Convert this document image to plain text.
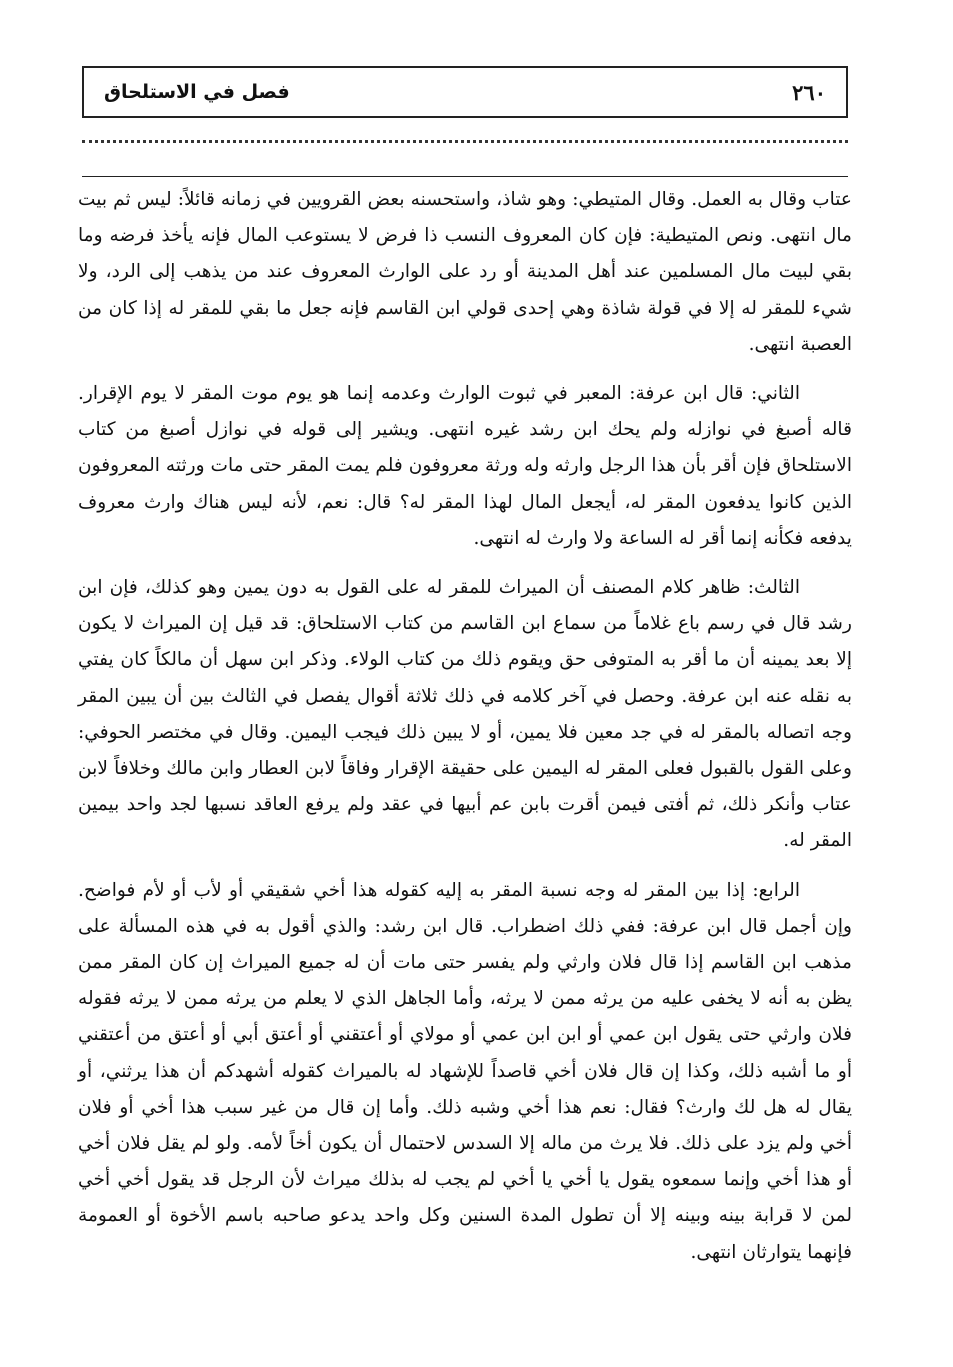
٢٦٠
فصل في الاستلحاق

عتاب وقال به العمل. وقال المتيطي: وهو شاذ، واستحسنه بعض القرويين في زمانه قائلاً: ليس ثم بيت مال انتهى. ونص المتيطية: فإن كان المعروف النسب ذا فرض لا يستوعب المال فإنه يأخذ فرضه وما بقي لبيت مال المسلمين عند أهل المدينة أو رد على الوارث المعروف عند من يذهب إلى الرد، ولا شيء للمقر له إلا في قولة شاذة وهي إحدى قولي ابن القاسم فإنه جعل ما بقي للمقر له إذا كان من العصبة انتهى.

الثاني: قال ابن عرفة: المعبر في ثبوت الوارث وعدمه إنما هو يوم موت المقر لا يوم الإقرار. قاله أصبغ في نوازله ولم يحك ابن رشد غيره انتهى. ويشير إلى قوله في نوازل أصبغ من كتاب الاستلحاق فإن أقر بأن هذا الرجل وارثه وله ورثة معروفون فلم يمت المقر حتى مات ورثته المعروفون الذين كانوا يدفعون المقر له، أيجعل المال لهذا المقر له؟ قال: نعم، لأنه ليس هناك وارث معروف يدفعه فكأنه إنما أقر له الساعة ولا وارث له انتهى.

الثالث: ظاهر كلام المصنف أن الميراث للمقر له على القول به دون يمين وهو كذلك، فإن ابن رشد قال في رسم باع غلاماً من سماع ابن القاسم من كتاب الاستلحاق: قد قيل إن الميراث لا يكون إلا بعد يمينه أن ما أقر به المتوفى حق ويقوم ذلك من كتاب الولاء. وذكر ابن سهل أن مالكاً كان يفتي به نقله عنه ابن عرفة. وحصل في آخر كلامه في ذلك ثلاثة أقوال يفصل في الثالث بين أن يبين المقر وجه اتصاله بالمقر له في جد معين فلا يمين، أو لا يبين ذلك فيجب اليمين. وقال في مختصر الحوفي: وعلى القول بالقبول فعلى المقر له اليمين على حقيقة الإقرار وفاقاً لابن العطار وابن مالك وخلافاً لابن عتاب وأنكر ذلك، ثم أفتى فيمن أقرت بابن عم أبيها في عقد ولم يرفع العاقد نسبها لجد واحد بيمين المقر له.

الرابع: إذا بين المقر له وجه نسبة المقر به إليه كقوله هذا أخي شقيقي أو لأب أو لأم فواضح. وإن أجمل قال ابن عرفة: ففي ذلك اضطراب. قال ابن رشد: والذي أقول به في هذه المسألة على مذهب ابن القاسم إذا قال فلان وارثي ولم يفسر حتى مات أن له جميع الميراث إن كان المقر ممن يظن به أنه لا يخفى عليه من يرثه ممن لا يرثه، وأما الجاهل الذي لا يعلم من يرثه ممن لا يرثه فقوله فلان وارثي حتى يقول ابن عمي أو ابن ابن عمي أو مولاي أو أعتقني أو أعتق أبي أو أعتق من أعتقني أو ما أشبه ذلك، وكذا إن قال فلان أخي قاصداً للإشهاد له بالميراث كقوله أشهدكم أن هذا يرثني، أو يقال له هل لك وارث؟ فقال: نعم هذا أخي وشبه ذلك. وأما إن قال من غير سبب هذا أخي أو فلان أخي ولم يزد على ذلك. فلا يرث من ماله إلا السدس لاحتمال أن يكون أخاً لأمه. ولو لم يقل فلان أخي أو هذا أخي وإنما سمعوه يقول يا أخي يا أخي لم يجب له بذلك ميراث لأن الرجل قد يقول أخي أخي لمن لا قرابة بينه وبينه إلا أن تطول المدة السنين وكل واحد يدعو صاحبه باسم الأخوة أو العمومة فإنهما يتوارثان انتهى.
